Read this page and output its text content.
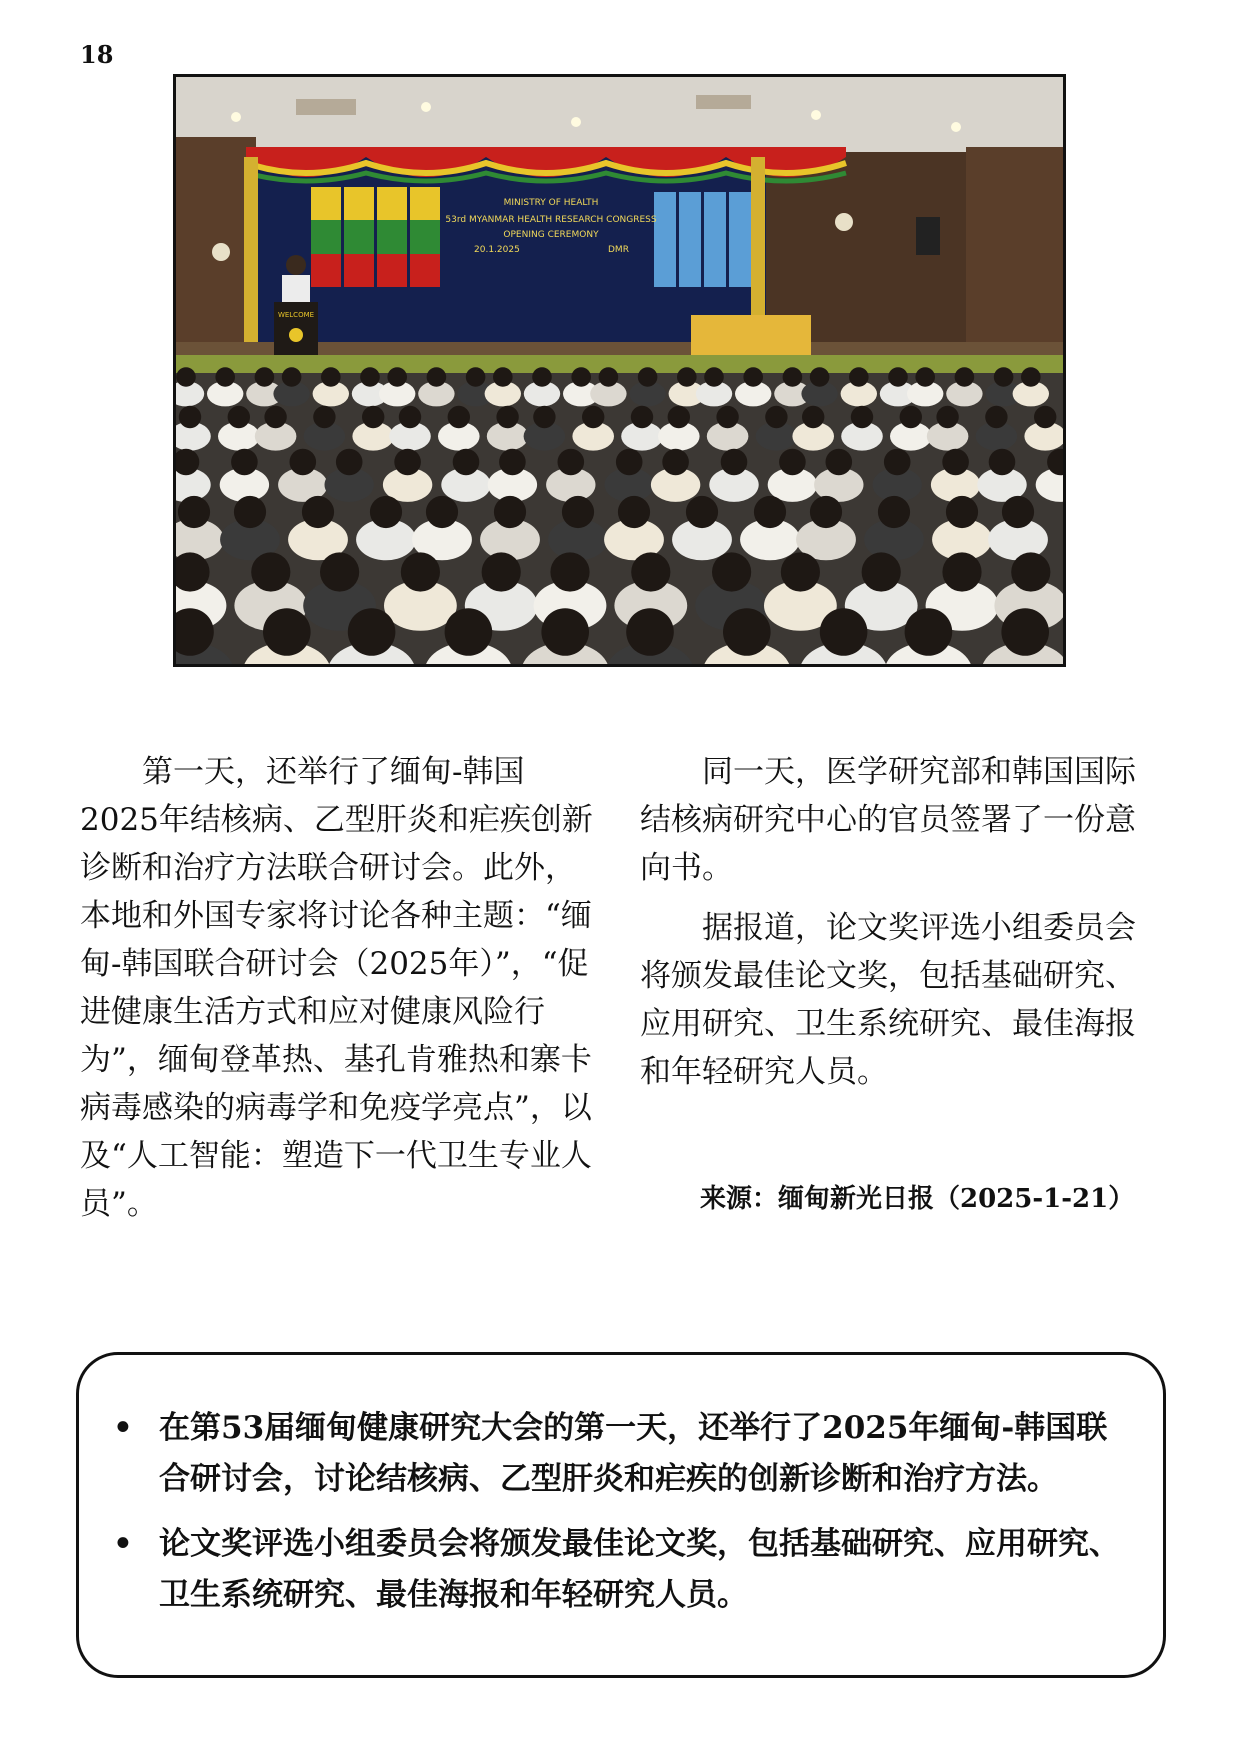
18
MINISTRY OF HEALTH
53rd MYANMAR HEALTH RESEARCH CONGRESS
OPENING CEREMONY
20.1.2025	DMR
WELCOME

第一天，还举行了缅甸-韩国2025年结核病、乙型肝炎和疟疾创新诊断和治疗方法联合研讨会。此外，本地和外国专家将讨论各种主题：“缅甸-韩国联合研讨会（2025年）”，“促进健康生活方式和应对健康风险行为”，缅甸登革热、基孔肯雅热和寨卡病毒感染的病毒学和免疫学亮点”，以及“人工智能：塑造下一代卫生专业人员”。

同一天，医学研究部和韩国国际结核病研究中心的官员签署了一份意向书。

据报道，论文奖评选小组委员会将颁发最佳论文奖，包括基础研究、应用研究、卫生系统研究、最佳海报和年轻研究人员。

来源：缅甸新光日报（2025-1-21）
• 在第53届缅甸健康研究大会的第一天，还举行了2025年缅甸-韩国联合研讨会，讨论结核病、乙型肝炎和疟疾的创新诊断和治疗方法。
• 论文奖评选小组委员会将颁发最佳论文奖，包括基础研究、应用研究、卫生系统研究、最佳海报和年轻研究人员。
